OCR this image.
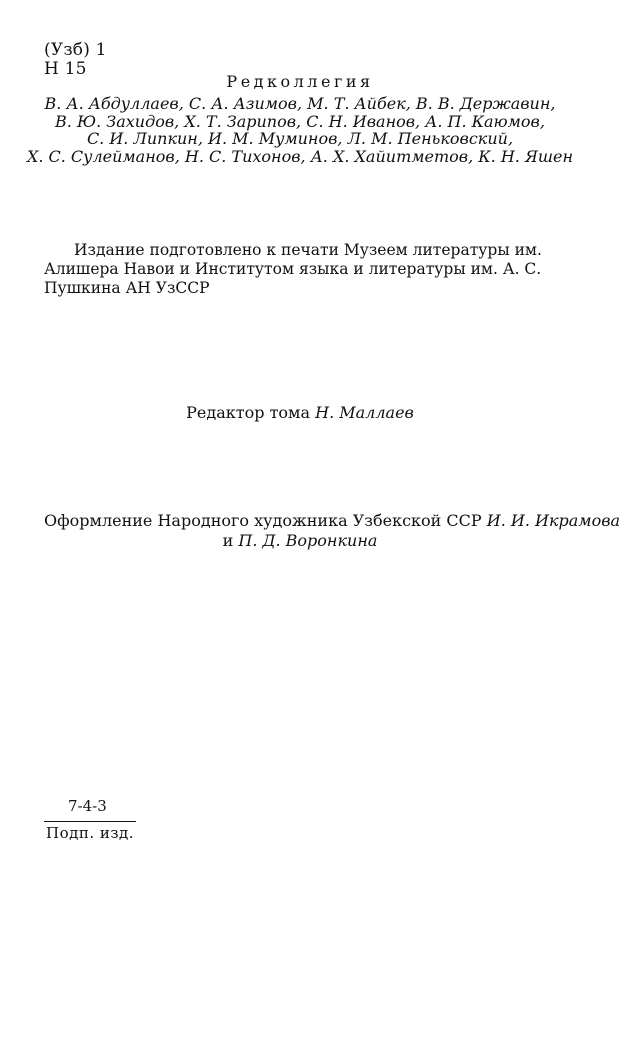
(Узб) 1
Н 15
Редколлегия
В. А. Абдуллаев, С. А. Азимов, М. Т. Айбек, В. В. Державин,
В. Ю. Захидов, Х. Т. Зарипов, С. Н. Иванов, А. П. Каюмов,
С. И. Липкин, И. М. Муминов, Л. М. Пеньковский,
Х. С. Сулейманов, Н. С. Тихонов, А. Х. Хайитметов, К. Н. Яшен
Издание подготовлено к печати Музеем литературы им. Алишера Навои и Институтом языка и литературы им. А. С. Пушкина АН УзССР
Редактор тома Н. Маллаев
Оформление Народного художника Узбекской ССР И. И. Икрамова
и П. Д. Воронкина
7-4-3
Подп. изд.
